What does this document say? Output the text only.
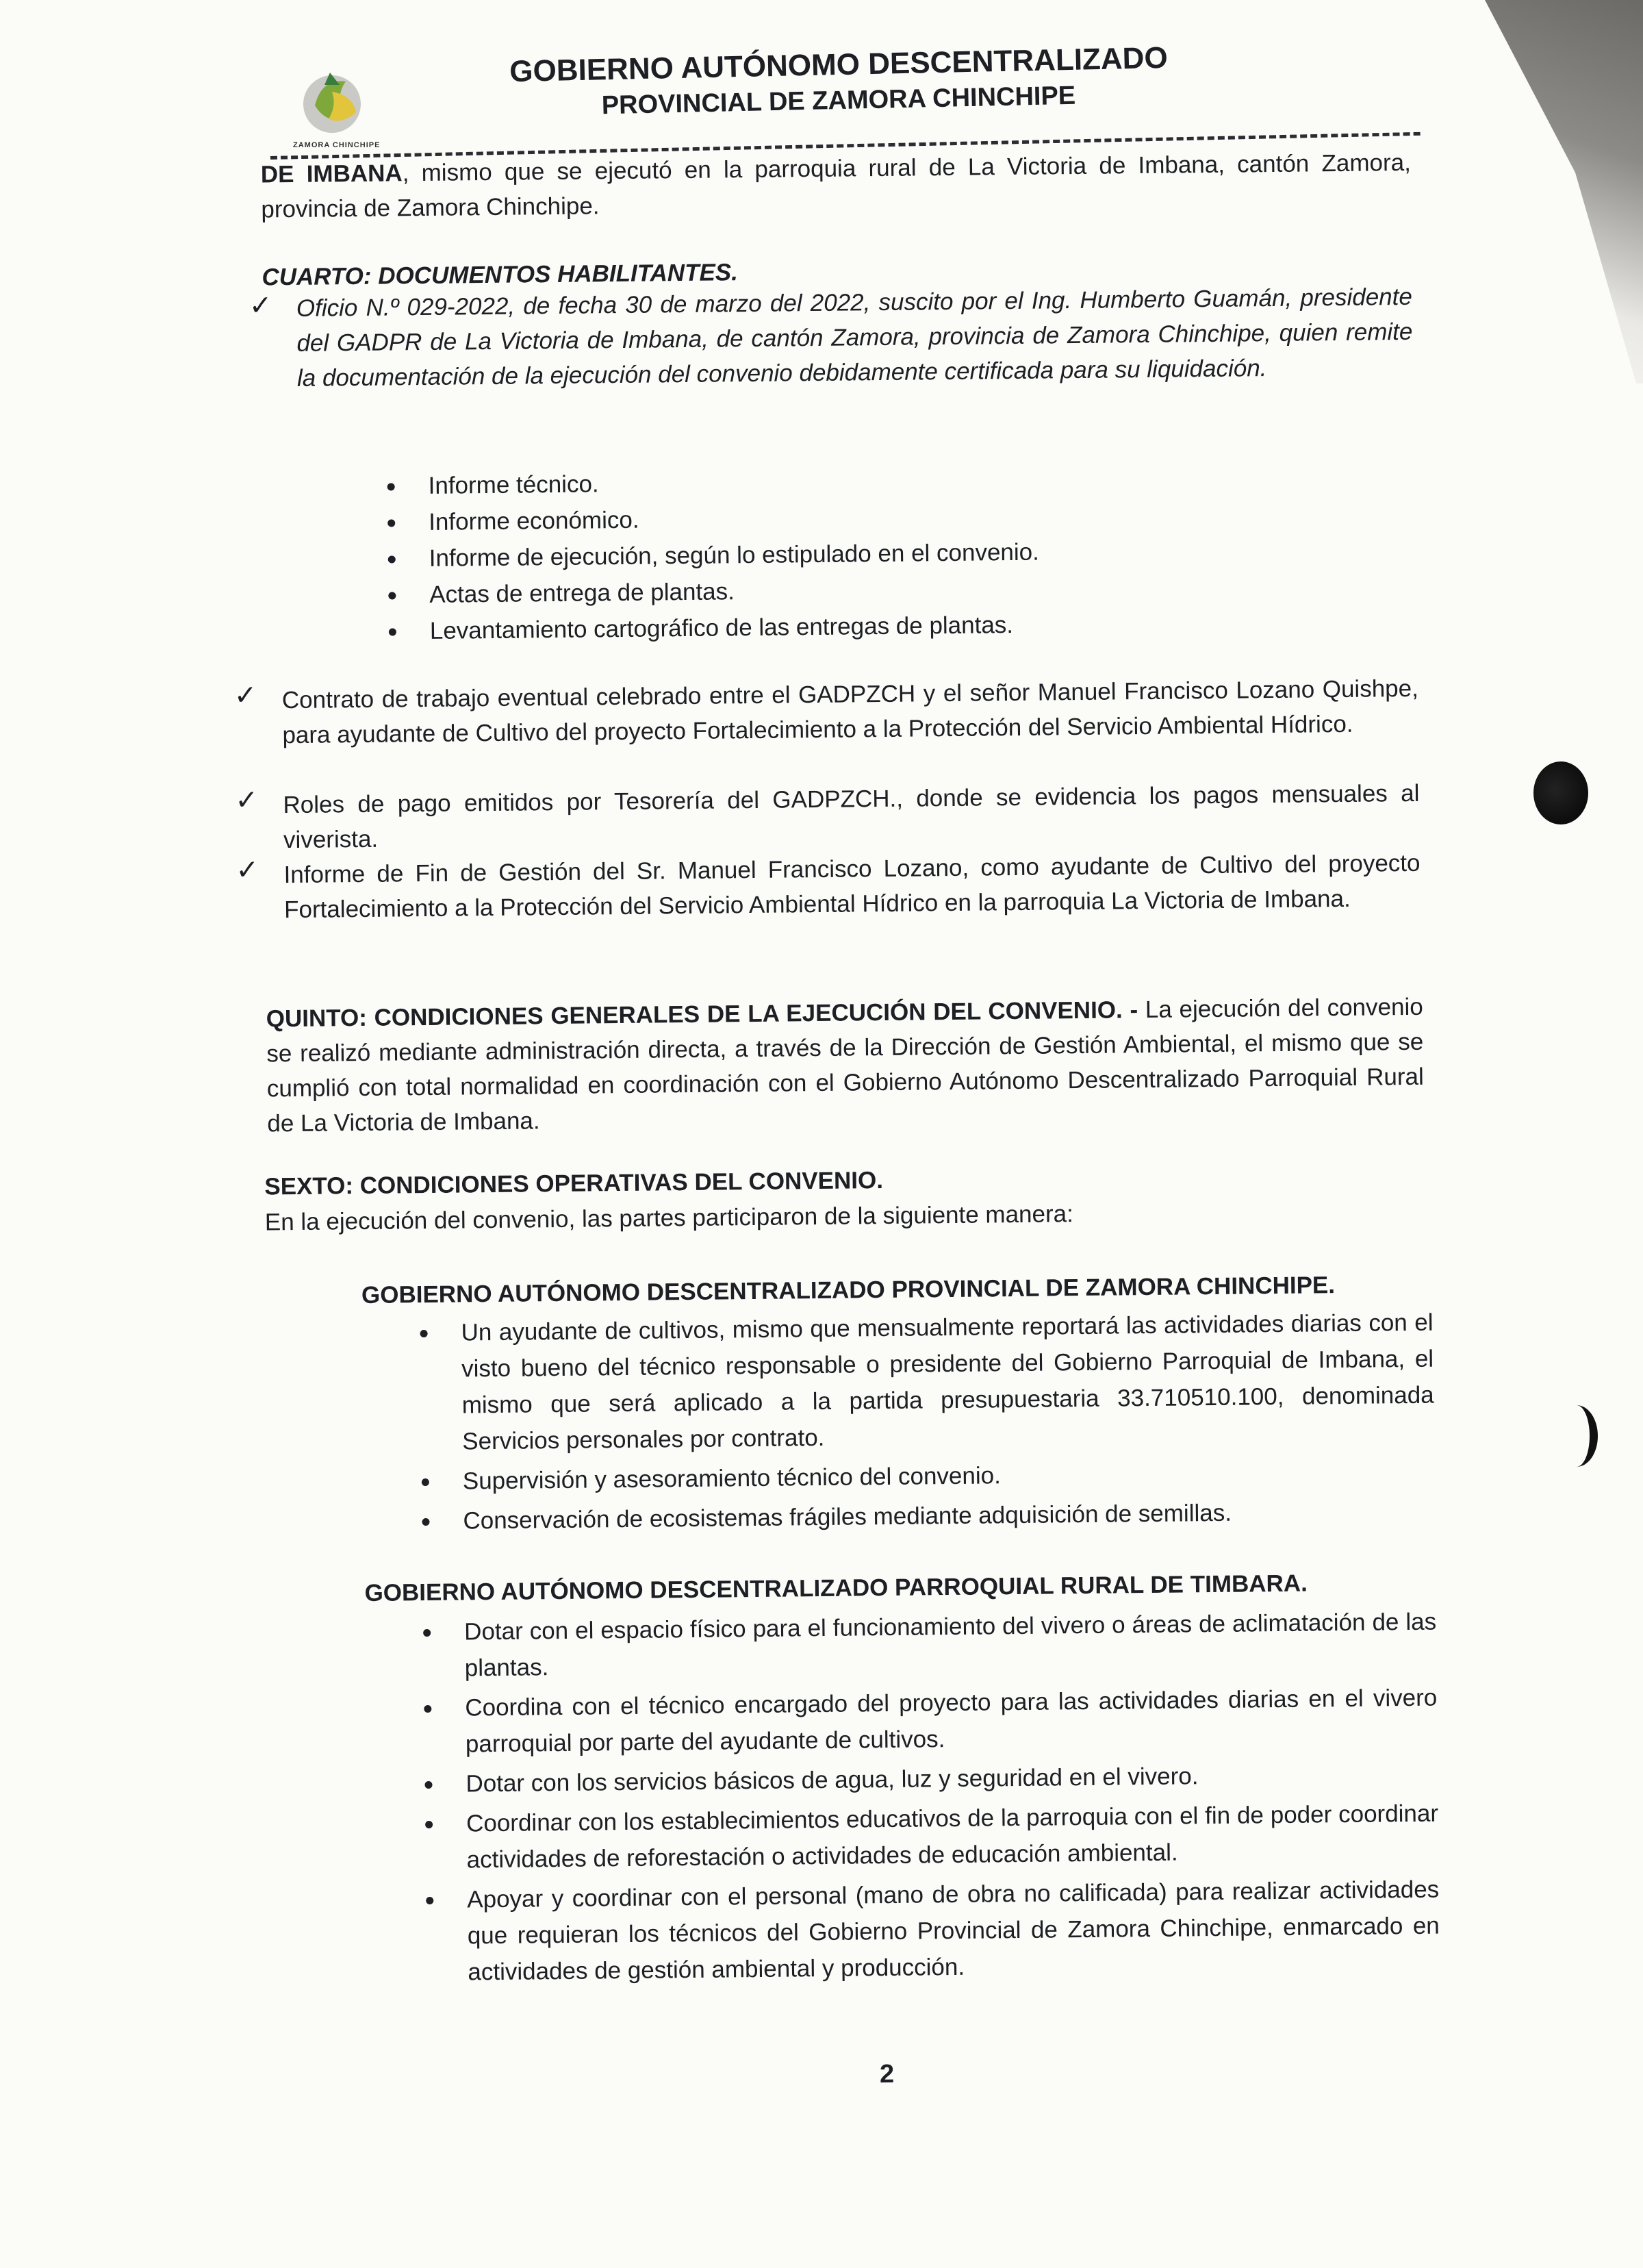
ZAMORA CHINCHIPE
GOBIERNO AUTÓNOMO DESCENTRALIZADO
PROVINCIAL DE ZAMORA CHINCHIPE
DE IMBANA, mismo que se ejecutó en la parroquia rural de La Victoria de Imbana, cantón Zamora, provincia de Zamora Chinchipe.
CUARTO: DOCUMENTOS HABILITANTES.
✓ Oficio N.º 029-2022, de fecha 30 de marzo del 2022, suscito por el Ing. Humberto Guamán, presidente del GADPR de La Victoria de Imbana, de cantón Zamora, provincia de Zamora Chinchipe, quien remite la documentación de la ejecución del convenio debidamente certificada para su liquidación.
Informe técnico.
Informe económico.
Informe de ejecución, según lo estipulado en el convenio.
Actas de entrega de plantas.
Levantamiento cartográfico de las entregas de plantas.
✓ Contrato de trabajo eventual celebrado entre el GADPZCH y el señor Manuel Francisco Lozano Quishpe, para ayudante de Cultivo del proyecto Fortalecimiento a la Protección del Servicio Ambiental Hídrico.
✓ Roles de pago emitidos por Tesorería del GADPZCH., donde se evidencia los pagos mensuales al viverista.
✓ Informe de Fin de Gestión del Sr. Manuel Francisco Lozano, como ayudante de Cultivo del proyecto Fortalecimiento a la Protección del Servicio Ambiental Hídrico en la parroquia La Victoria de Imbana.
QUINTO: CONDICIONES GENERALES DE LA EJECUCIÓN DEL CONVENIO. - La ejecución del convenio se realizó mediante administración directa, a través de la Dirección de Gestión Ambiental, el mismo que se cumplió con total normalidad en coordinación con el Gobierno Autónomo Descentralizado Parroquial Rural de La Victoria de Imbana.
SEXTO: CONDICIONES OPERATIVAS DEL CONVENIO.
En la ejecución del convenio, las partes participaron de la siguiente manera:
GOBIERNO AUTÓNOMO DESCENTRALIZADO PROVINCIAL DE ZAMORA CHINCHIPE.
Un ayudante de cultivos, mismo que mensualmente reportará las actividades diarias con el visto bueno del técnico responsable o presidente del Gobierno Parroquial de Imbana, el mismo que será aplicado a la partida presupuestaria 33.710510.100, denominada Servicios personales por contrato.
Supervisión y asesoramiento técnico del convenio.
Conservación de ecosistemas frágiles mediante adquisición de semillas.
GOBIERNO AUTÓNOMO DESCENTRALIZADO PARROQUIAL RURAL DE TIMBARA.
Dotar con el espacio físico para el funcionamiento del vivero o áreas de aclimatación de las plantas.
Coordina con el técnico encargado del proyecto para las actividades diarias en el vivero parroquial por parte del ayudante de cultivos.
Dotar con los servicios básicos de agua, luz y seguridad en el vivero.
Coordinar con los establecimientos educativos de la parroquia con el fin de poder coordinar actividades de reforestación o actividades de educación ambiental.
Apoyar y coordinar con el personal (mano de obra no calificada) para realizar actividades que requieran los técnicos del Gobierno Provincial de Zamora Chinchipe, enmarcado en actividades de gestión ambiental y producción.
2
